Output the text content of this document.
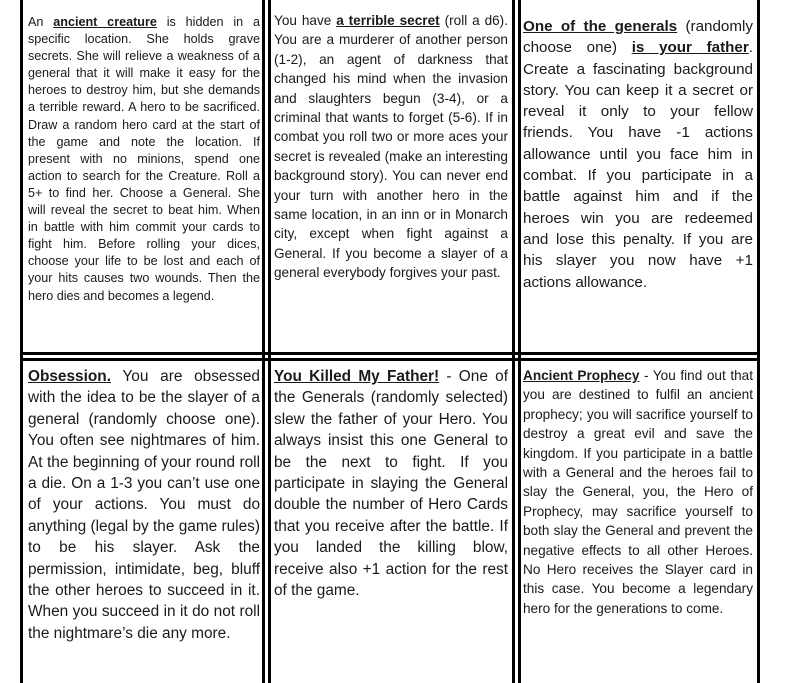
An ancient creature is hidden in a specific location. She holds grave secrets. She will relieve a weakness of a general that it will make it easy for the heroes to destroy him, but she demands a terrible reward. A hero to be sacrificed. Draw a random hero card at the start of the game and note the location. If present with no minions, spend one action to search for the Creature. Roll a 5+ to find her. Choose a General. She will reveal the secret to beat him. When in battle with him commit your cards to fight him. Before rolling your dices, choose your life to be lost and each of your hits causes two wounds. Then the hero dies and becomes a legend.

You have a terrible secret (roll a d6). You are a murderer of another person (1-2), an agent of darkness that changed his mind when the invasion and slaughters begun (3-4), or a criminal that wants to forget (5-6). If in combat you roll two or more aces your secret is revealed (make an interesting background story). You can never end your turn with another hero in the same location, in an inn or in Monarch city, except when fight against a General. If you become a slayer of a general everybody forgives your past.

One of the generals (randomly choose one) is your father. Create a fascinating background story. You can keep it a secret or reveal it only to your fellow friends. You have -1 actions allowance until you face him in combat. If you participate in a battle against him and if the heroes win you are redeemed and lose this penalty. If you are his slayer you now have +1 actions allowance.

Obsession. You are obsessed with the idea to be the slayer of a general (randomly choose one). You often see nightmares of him. At the beginning of your round roll a die. On a 1-3 you can’t use one of your actions. You must do anything (legal by the game rules) to be his slayer. Ask the permission, intimidate, beg, bluff the other heroes to succeed in it. When you succeed in it do not roll the nightmare’s die any more.

You Killed My Father! - One of the Generals (randomly selected) slew the father of your Hero. You always insist this one General to be the next to fight. If you participate in slaying the General double the number of Hero Cards that you receive after the battle. If you landed the killing blow, receive also +1 action for the rest of the game.

Ancient Prophecy - You find out that you are destined to fulfil an ancient prophecy; you will sacrifice yourself to destroy a great evil and save the kingdom. If you participate in a battle with a General and the heroes fail to slay the General, you, the Hero of Prophecy, may sacrifice yourself to both slay the General and prevent the negative effects to all other Heroes. No Hero receives the Slayer card in this case. You become a legendary hero for the generations to come.
